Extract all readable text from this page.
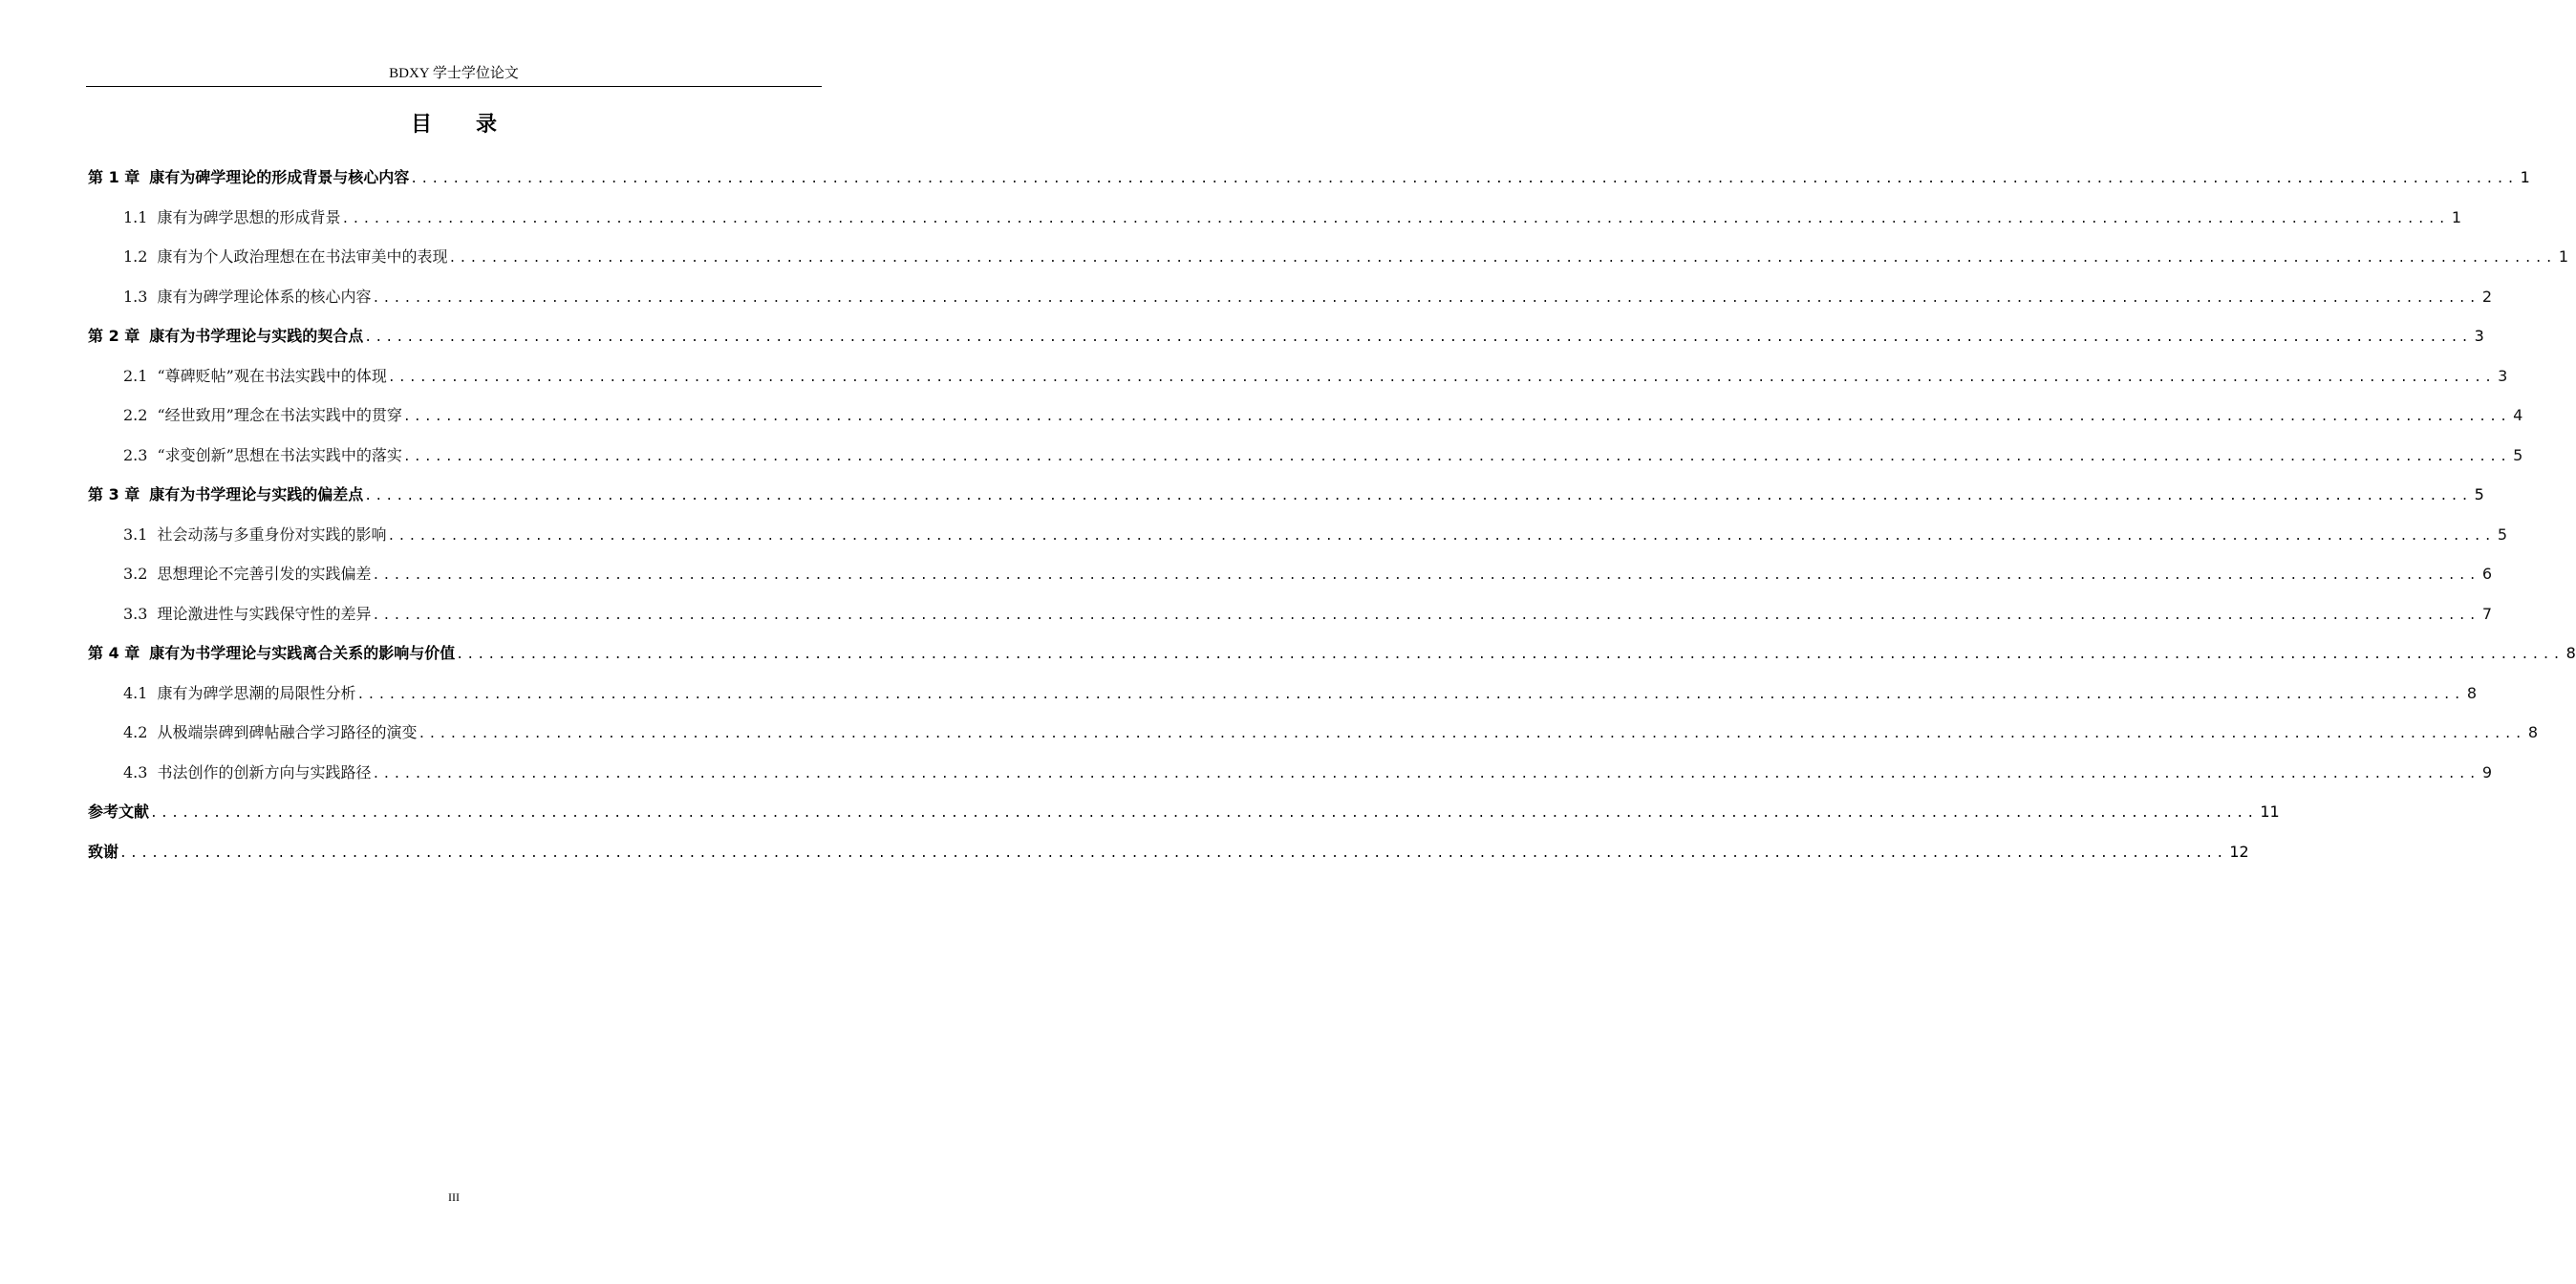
BDXY 学士学位论文
目录
第 1 章 康有为碑学理论的形成背景与核心内容 ........................................................................................................................................................................................................ 1
1.1 康有为碑学思想的形成背景 ........................................................................................................................................................................................................ 1
1.2 康有为个人政治理想在在书法审美中的表现 ........................................................................................................................................................................................................ 1
1.3 康有为碑学理论体系的核心内容 ........................................................................................................................................................................................................ 2
第 2 章 康有为书学理论与实践的契合点 ........................................................................................................................................................................................................ 3
2.1 “尊碑贬帖”观在书法实践中的体现 ........................................................................................................................................................................................................ 3
2.2 “经世致用”理念在书法实践中的贯穿 ........................................................................................................................................................................................................ 4
2.3 “求变创新”思想在书法实践中的落实 ........................................................................................................................................................................................................ 5
第 3 章 康有为书学理论与实践的偏差点 ........................................................................................................................................................................................................ 5
3.1 社会动荡与多重身份对实践的影响 ........................................................................................................................................................................................................ 5
3.2 思想理论不完善引发的实践偏差 ........................................................................................................................................................................................................ 6
3.3 理论激进性与实践保守性的差异 ........................................................................................................................................................................................................ 7
第 4 章 康有为书学理论与实践离合关系的影响与价值 ........................................................................................................................................................................................................ 8
4.1 康有为碑学思潮的局限性分析 ........................................................................................................................................................................................................ 8
4.2 从极端崇碑到碑帖融合学习路径的演变 ........................................................................................................................................................................................................ 8
4.3 书法创作的创新方向与实践路径 ........................................................................................................................................................................................................ 9
参考文献 ........................................................................................................................................................................................................ 11
致谢 ........................................................................................................................................................................................................ 12
III
